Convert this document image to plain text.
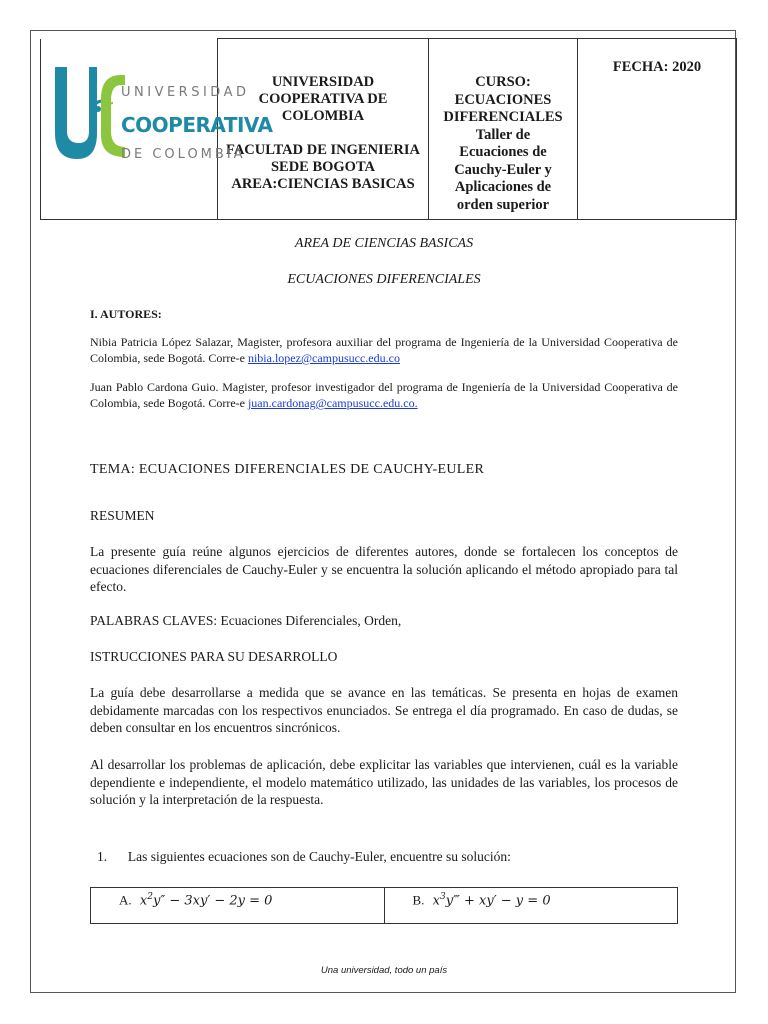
UNIVERSIDAD
COOPERATIVA
DE COLOMBIA

UNIVERSIDAD
COOPERATIVA DE
COLOMBIA
FACULTAD DE INGENIERIA
SEDE BOGOTA
AREA:CIENCIAS BASICAS

CURSO:
ECUACIONES
DIFERENCIALES
Taller de
Ecuaciones de
Cauchy-Euler y
Aplicaciones de
orden superior

FECHA: 2020
AREA DE CIENCIAS BASICAS
ECUACIONES DIFERENCIALES
I. AUTORES:
Nibia Patricia López Salazar, Magister, profesora auxiliar del programa de Ingeniería de la Universidad Cooperativa de Colombia, sede Bogotá. Corre-e nibia.lopez@campusucc.edu.co
Juan Pablo Cardona Guio. Magister, profesor investigador del programa de Ingeniería de la Universidad Cooperativa de Colombia, sede Bogotá. Corre-e juan.cardonag@campusucc.edu.co.
TEMA: ECUACIONES DIFERENCIALES DE CAUCHY-EULER
RESUMEN
La presente guía reúne algunos ejercicios de diferentes autores, donde se fortalecen los conceptos de ecuaciones diferenciales de Cauchy-Euler y se encuentra la solución aplicando el método apropiado para tal efecto.
PALABRAS CLAVES: Ecuaciones Diferenciales, Orden,
ISTRUCCIONES PARA SU DESARROLLO
La guía debe desarrollarse a medida que se avance en las temáticas. Se presenta en hojas de examen debidamente marcadas con los respectivos enunciados. Se entrega el día programado. En caso de dudas, se deben consultar en los encuentros sincrónicos.
Al desarrollar los problemas de aplicación, debe explicitar las variables que intervienen, cuál es la variable dependiente e independiente, el modelo matemático utilizado, las unidades de las variables, los procesos de solución y la interpretación de la respuesta.
1. Las siguientes ecuaciones son de Cauchy-Euler, encuentre su solución:
A.  $x^2y'' - 3xy' - 2y = 0$	B.  $x^3y‴ + xy' - y = 0$
Una universidad, todo un país
